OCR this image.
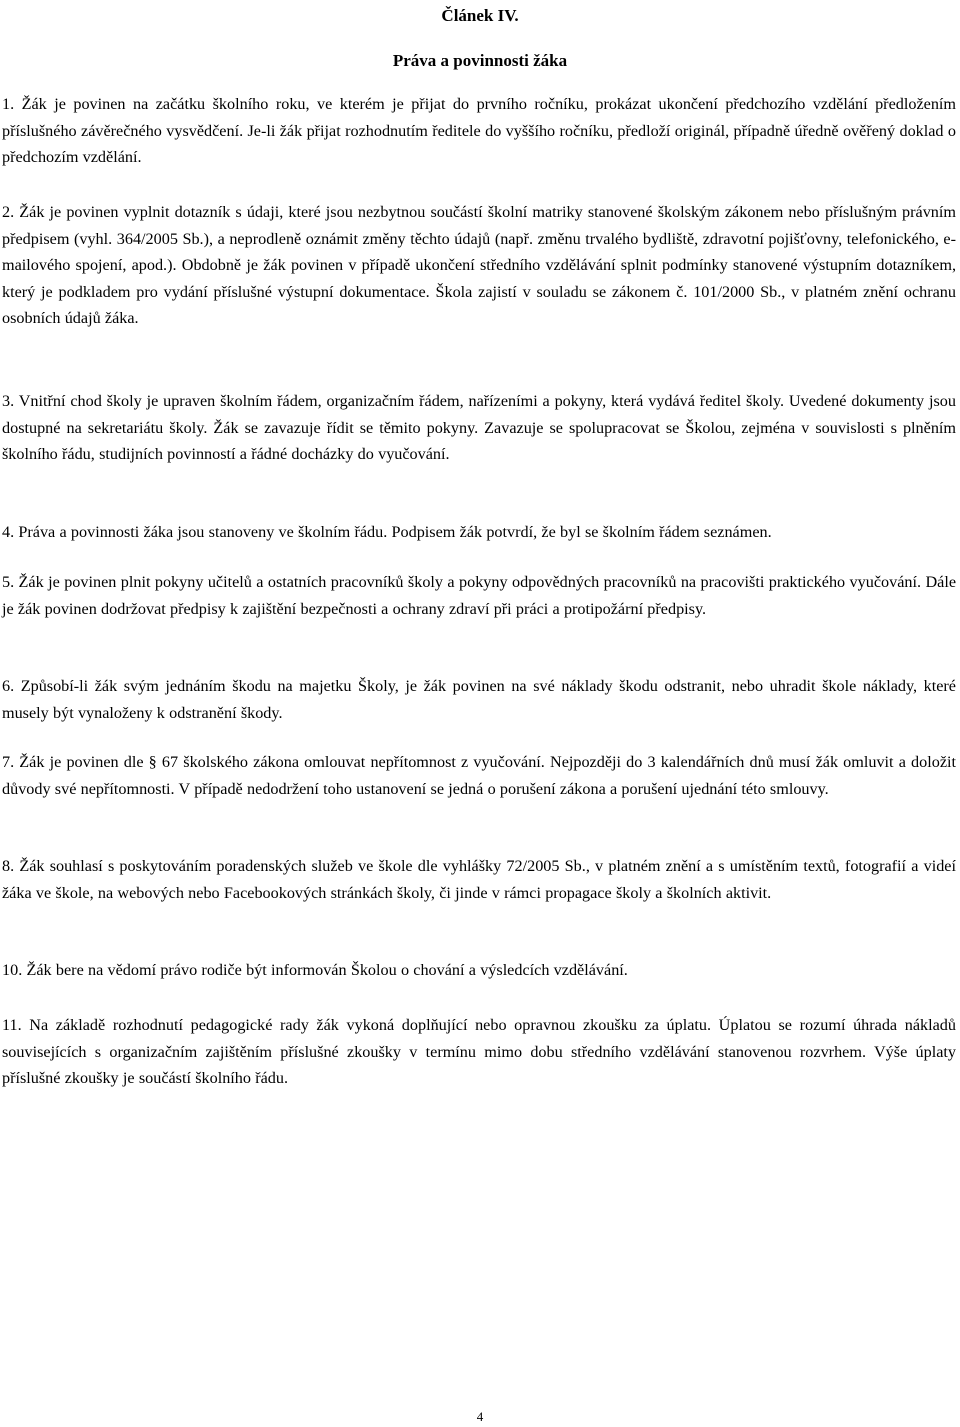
Článek IV.
Práva a povinnosti žáka

1. Žák je povinen na začátku školního roku, ve kterém je přijat do prvního ročníku, prokázat ukončení předchozího vzdělání předložením příslušného závěrečného vysvědčení. Je-li žák přijat rozhodnutím ředitele do vyššího ročníku, předloží originál, případně úředně ověřený doklad o předchozím vzdělání.

2. Žák je povinen vyplnit dotazník s údaji, které jsou nezbytnou součástí školní matriky stanovené školským zákonem nebo příslušným právním předpisem (vyhl. 364/2005 Sb.), a neprodleně oznámit změny těchto údajů (např. změnu trvalého bydliště, zdravotní pojišťovny, telefonického, e-mailového spojení, apod.). Obdobně je žák povinen v případě ukončení středního vzdělávání splnit podmínky stanovené výstupním dotazníkem, který je podkladem pro vydání příslušné výstupní dokumentace. Škola zajistí v souladu se zákonem č. 101/2000 Sb., v platném znění ochranu osobních údajů žáka.

3. Vnitřní chod školy je upraven školním řádem, organizačním řádem, nařízeními a pokyny, která vydává ředitel školy. Uvedené dokumenty jsou dostupné na sekretariátu školy. Žák se zavazuje řídit se těmito pokyny. Zavazuje se spolupracovat se Školou, zejména v souvislosti s plněním školního řádu, studijních povinností a řádné docházky do vyučování.

4. Práva a povinnosti žáka jsou stanoveny ve školním řádu. Podpisem žák potvrdí, že byl se školním řádem seznámen.

5. Žák je povinen plnit pokyny učitelů a ostatních pracovníků školy a pokyny odpovědných pracovníků na pracovišti praktického vyučování. Dále je žák povinen dodržovat předpisy k zajištění bezpečnosti a ochrany zdraví při práci a protipožární předpisy.

6. Způsobí-li žák svým jednáním škodu na majetku Školy, je žák povinen na své náklady škodu odstranit, nebo uhradit škole náklady, které musely být vynaloženy k odstranění škody.

7. Žák je povinen dle § 67 školského zákona omlouvat nepřítomnost z vyučování. Nejpozději do 3 kalendářních dnů musí žák omluvit a doložit důvody své nepřítomnosti. V případě nedodržení toho ustanovení se jedná o porušení zákona a porušení ujednání této smlouvy.

8. Žák souhlasí s poskytováním poradenských služeb ve škole dle vyhlášky 72/2005 Sb., v platném znění a s umístěním textů, fotografií a videí žáka ve škole, na webových nebo Facebookových stránkách školy, či jinde v rámci propagace školy a školních aktivit.

10. Žák bere na vědomí právo rodiče být informován Školou o chování a výsledcích vzdělávání.

11. Na základě rozhodnutí pedagogické rady žák vykoná doplňující nebo opravnou zkoušku za úplatu. Úplatou se rozumí úhrada nákladů souvisejících s organizačním zajištěním příslušné zkoušky v termínu mimo dobu středního vzdělávání stanovenou rozvrhem. Výše úplaty příslušné zkoušky je součástí školního řádu.

4
